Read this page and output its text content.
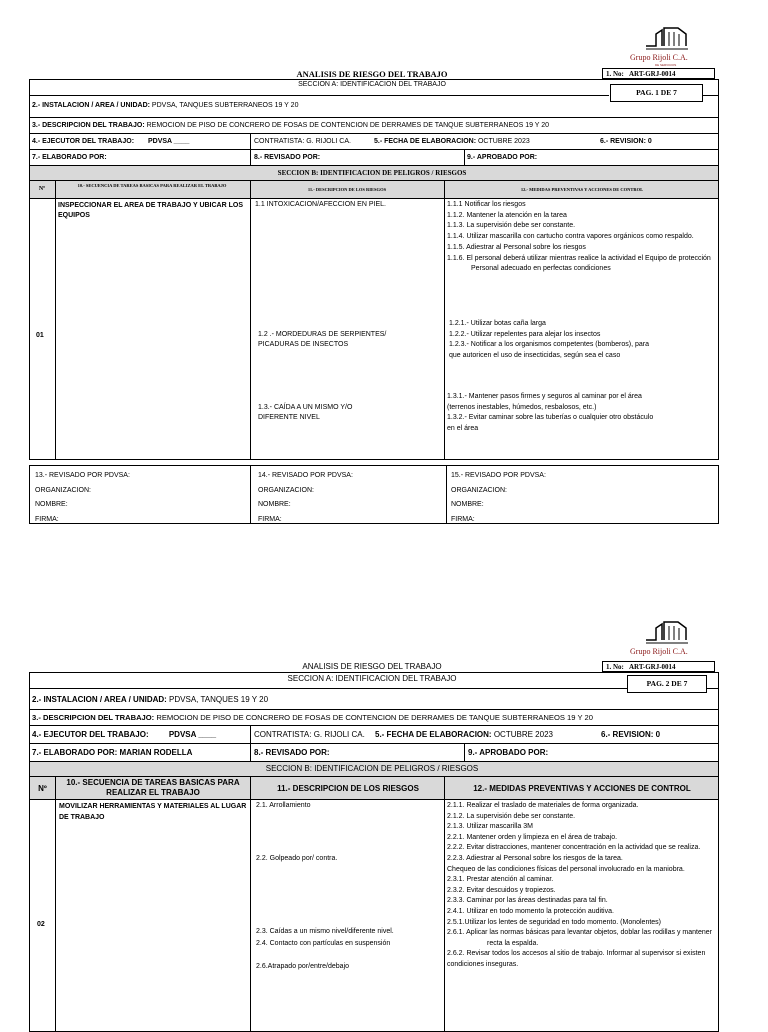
Grupo Rijoli C.A.
DE SERVICIOS
ANALISIS DE RIESGO DEL TRABAJO	1. No: ART-GRJ-0014
SECCION A: IDENTIFICACION DEL TRABAJO
PAG. 1 DE 7
2.- INSTALACION / AREA / UNIDAD: PDVSA, TANQUES SUBTERRANEOS 19 Y 20
3.- DESCRIPCION DEL TRABAJO: REMOCION DE PISO DE CONCRERO DE FOSAS DE CONTENCION DE DERRAMES DE TANQUE SUBTERRANEOS 19 Y 20
4.- EJECUTOR DEL TRABAJO: PDVSA ____	CONTRATISTA: G. RIJOLI CA.	5.- FECHA DE ELABORACION: OCTUBRE 2023	6.- REVISION: 0
7.- ELABORADO POR:	8.- REVISADO POR:	9.- APROBADO POR:
SECCION B: IDENTIFICACION DE PELIGROS / RIESGOS
Nº
10.- SECUENCIA DE TAREAS BASICAS PARA REALIZAR EL TRABAJO
11.- DESCRIPCION DE LOS RIESGOS	12.- MEDIDAS PREVENTIVAS Y ACCIONES DE CONTROL
01
INSPECCIONAR EL AREA DE TRABAJO Y UBICAR LOS EQUIPOS
1.1 INTOXICACION/AFECCION EN PIEL.
1.2 .- MORDEDURAS DE SERPIENTES/ PICADURAS DE INSECTOS
1.3.- CAÍDA A UN MISMO Y/O DIFERENTE NIVEL
1.1.1 Notificar los riesgos
1.1.2. Mantener la atención en la tarea
1.1.3. La supervisión debe ser constante.
1.1.4. Utilizar mascarilla con cartucho contra vapores orgánicos como respaldo.
1.1.5. Adiestrar al Personal sobre los riesgos
1.1.6. El personal deberá utilizar mientras realice la actividad el Equipo de protección Personal adecuado en perfectas condiciones
1.2.1.- Utilizar botas caña larga
1.2.2.- Utilizar repelentes para alejar los insectos
1.2.3.- Notificar a los organismos competentes (bomberos), para que autoricen el uso de insecticidas, según sea el caso
1.3.1.- Mantener pasos firmes y seguros al caminar por el área (terrenos inestables, húmedos, resbalosos, etc.)
1.3.2.- Evitar caminar sobre las tuberías o cualquier otro obstáculo en el área
13.- REVISADO POR PDVSA:
ORGANIZACION:
NOMBRE:
FIRMA:
14.- REVISADO POR PDVSA:
ORGANIZACION:
NOMBRE:
FIRMA:
15.- REVISADO POR PDVSA:
ORGANIZACION:
NOMBRE:
FIRMA:
Grupo Rijoli C.A.
ANALISIS DE RIESGO DEL TRABAJO	1. No: ART-GRJ-0014
SECCION A: IDENTIFICACION DEL TRABAJO
PAG. 2 DE 7
2.- INSTALACION / AREA / UNIDAD: PDVSA, TANQUES 19 Y 20
3.- DESCRIPCION DEL TRABAJO: REMOCION DE PISO DE CONCRERO DE FOSAS DE CONTENCION DE DERRAMES DE TANQUE SUBTERRANEOS 19 Y 20
4.- EJECUTOR DEL TRABAJO:	PDVSA ____	CONTRATISTA: G. RIJOLI CA. 5.- FECHA DE ELABORACION: OCTUBRE 2023	6.- REVISION: 0
7.- ELABORADO POR: MARIAN RODELLA	8.- REVISADO POR:	9.- APROBADO POR:
SECCION B: IDENTIFICACION DE PELIGROS / RIESGOS
Nº
10.- SECUENCIA DE TAREAS BASICAS PARA REALIZAR EL TRABAJO	11.- DESCRIPCION DE LOS RIESGOS	12.- MEDIDAS PREVENTIVAS Y ACCIONES DE CONTROL
02
MOVILIZAR HERRAMIENTAS Y MATERIALES AL LUGAR DE TRABAJO
2.1. Arrollamiento
2.2. Golpeado por/ contra.
2.3. Caídas a un mismo nivel/diferente nivel.
2.4. Contacto con partículas en suspensión
2.6.Atrapado por/entre/debajo
2.1.1. Realizar el traslado de materiales de forma organizada.
2.1.2. La supervisión debe ser constante.
2.1.3. Utilizar mascarilla 3M
2.2.1. Mantener orden y limpieza en el área de trabajo.
2.2.2. Evitar distracciones, mantener concentración en la actividad que se realiza.
2.2.3. Adiestrar al Personal sobre los riesgos de la tarea.
Chequeo de las condiciones físicas del personal involucrado en la maniobra.
2.3.1. Prestar atención al caminar.
2.3.2. Evitar descuidos y tropiezos.
2.3.3. Caminar por las áreas destinadas para tal fin.
2.4.1. Utilizar en todo momento la protección auditiva.
2.5.1.Utilizar los lentes de seguridad en todo momento. (Monolentes)
2.6.1. Aplicar las normas básicas para levantar objetos, doblar las rodillas y mantener recta la espalda.
2.6.2. Revisar todos los accesos al sitio de trabajo. Informar al supervisor si existen condiciones inseguras.
